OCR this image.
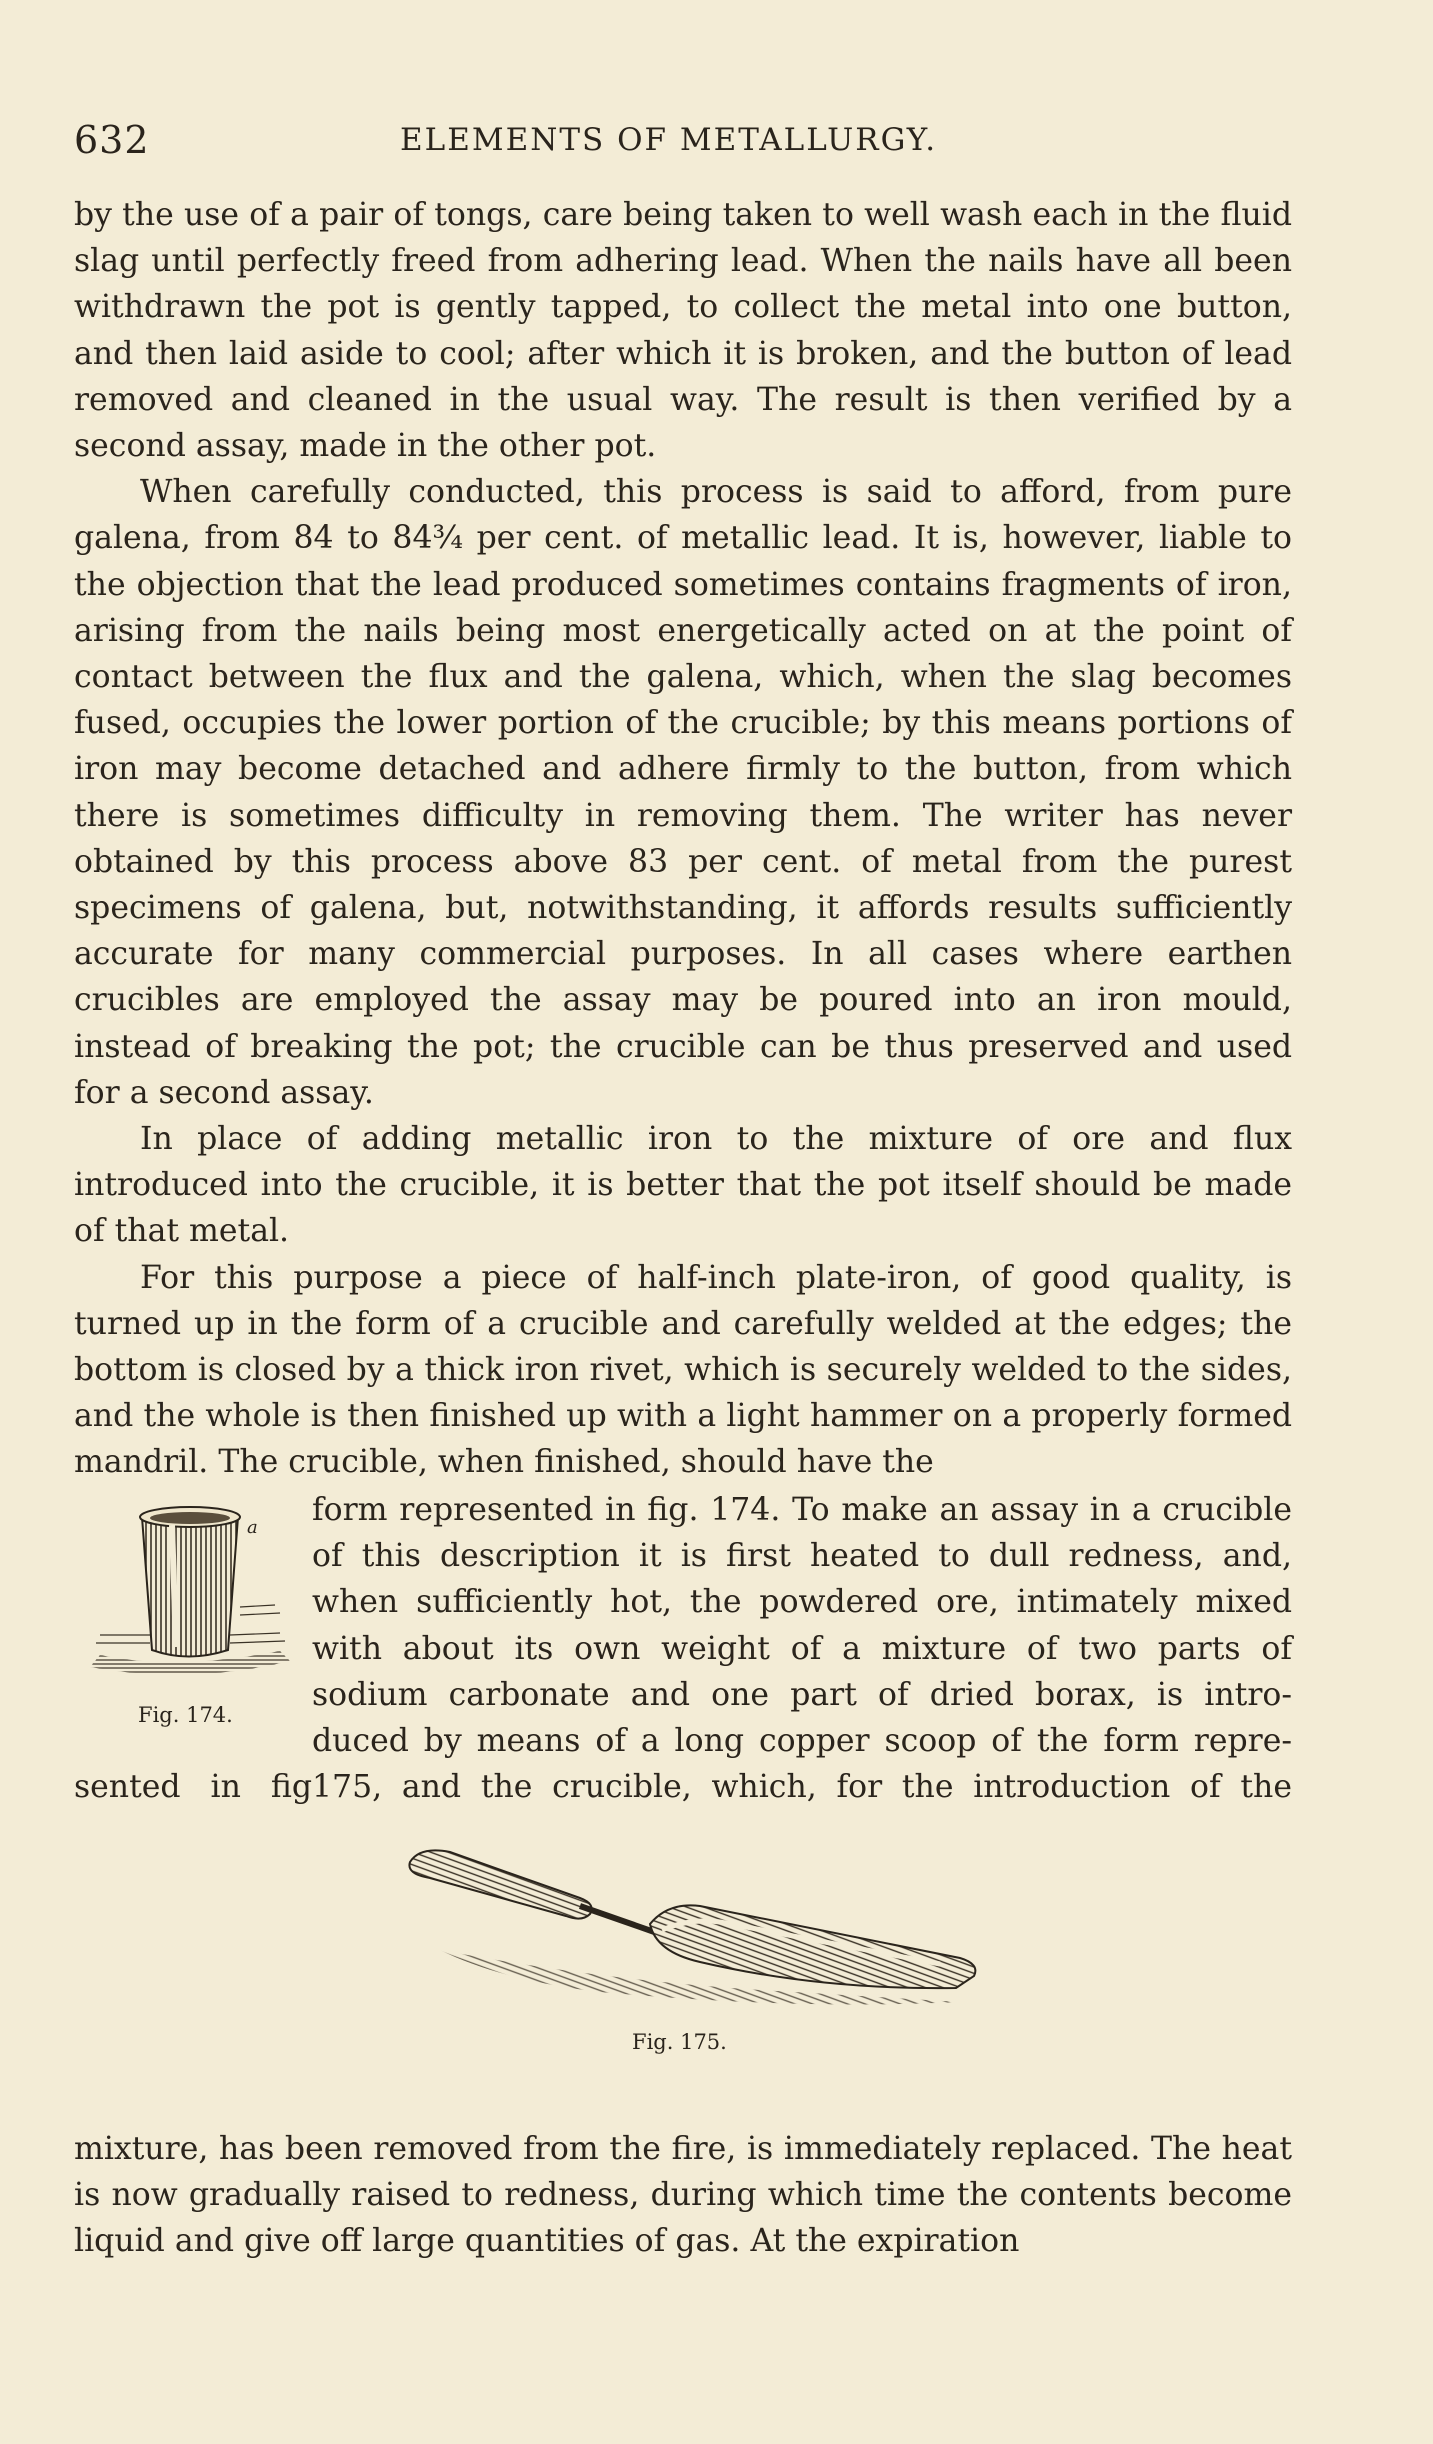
632	ELEMENTS OF METALLURGY.

by the use of a pair of tongs, care being taken to well wash each in the fluid slag until perfectly freed from adhering lead. When the nails have all been withdrawn the pot is gently tapped, to collect the metal into one button, and then laid aside to cool; after which it is broken, and the button of lead removed and cleaned in the usual way. The result is then verified by a second assay, made in the other pot.

When carefully conducted, this process is said to afford, from pure galena, from 84 to 84¾ per cent. of metallic lead. It is, however, liable to the objection that the lead produced sometimes contains fragments of iron, arising from the nails being most energetically acted on at the point of contact between the flux and the galena, which, when the slag becomes fused, occupies the lower portion of the crucible; by this means portions of iron may become detached and adhere firmly to the button, from which there is sometimes difficulty in removing them. The writer has never obtained by this process above 83 per cent. of metal from the purest specimens of galena, but, notwithstanding, it affords results sufficiently accurate for many commercial purposes. In all cases where earthen crucibles are employed the assay may be poured into an iron mould, instead of breaking the pot; the crucible can be thus preserved and used for a second assay.

In place of adding metallic iron to the mixture of ore and flux introduced into the crucible, it is better that the pot itself should be made of that metal.

For this purpose a piece of half-inch plate-iron, of good quality, is turned up in the form of a crucible and carefully welded at the edges; the bottom is closed by a thick iron rivet, which is securely welded to the sides, and the whole is then finished up with a light hammer on a properly formed mandril. The crucible, when finished, should have the

form represented in fig. 174. To make an assay in a crucible
of this description it is first heated to dull redness, and,
when sufficiently hot, the powdered ore, intimately mixed
with about its own weight of a mixture of two parts of
sodium carbonate and one part of dried borax, is intro-
duced by means of a long copper scoop of the form repre-
sented in fig175, and the crucible, which, for the introduction of the
a
Fig. 174.
Fig. 175.

mixture, has been removed from the fire, is immediately replaced. The heat is now gradually raised to redness, during which time the contents become liquid and give off large quantities of gas. At the expiration
